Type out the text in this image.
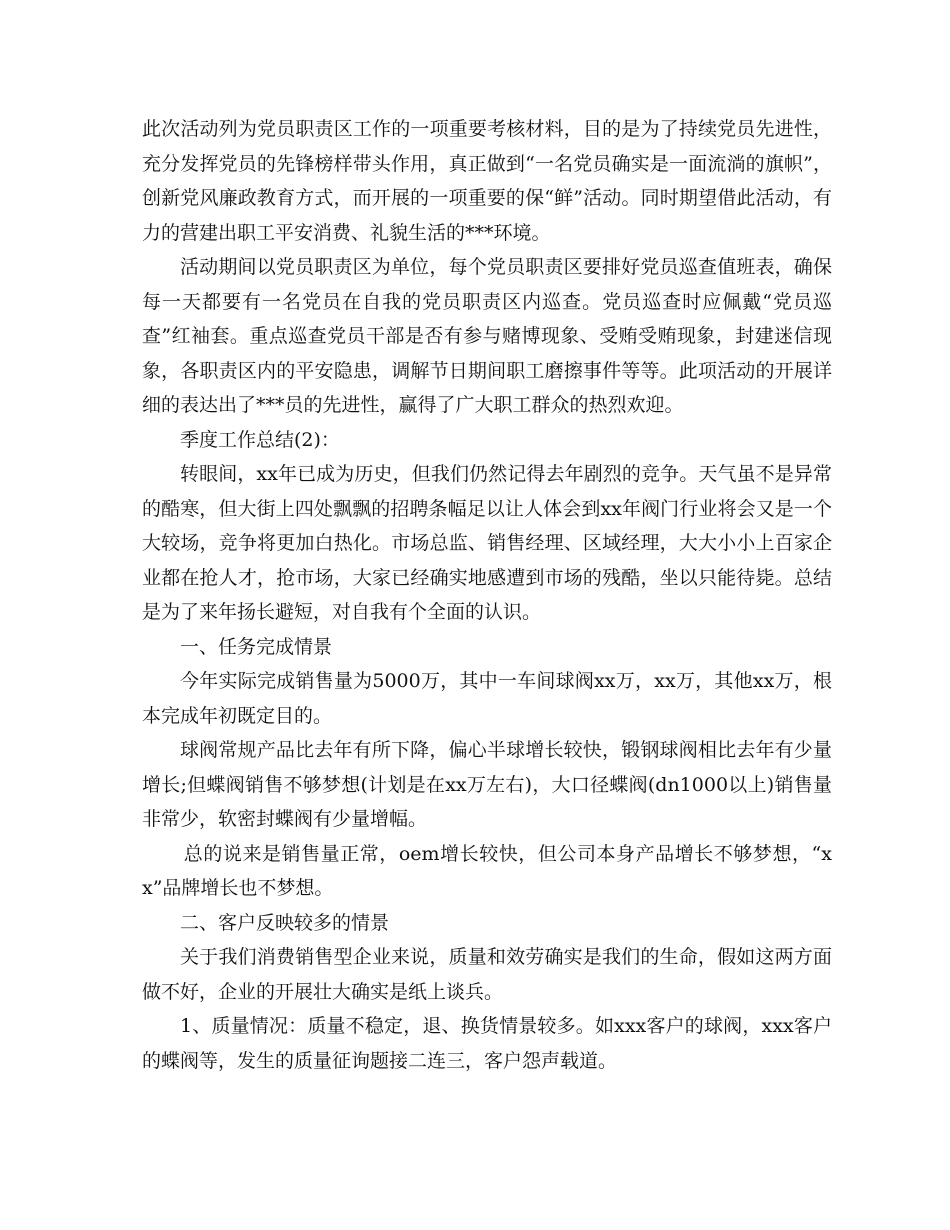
此次活动列为党员职责区工作的一项重要考核材料，目的是为了持续党员先进性，充分发挥党员的先锋榜样带头作用，真正做到“一名党员确实是一面流淌的旗帜”，创新党风廉政教育方式，而开展的一项重要的保“鲜”活动。同时期望借此活动，有力的营建出职工平安消费、礼貌生活的***环境。

活动期间以党员职责区为单位，每个党员职责区要排好党员巡查值班表，确保每一天都要有一名党员在自我的党员职责区内巡查。党员巡查时应佩戴“党员巡查”红袖套。重点巡查党员干部是否有参与赌博现象、受贿受贿现象，封建迷信现象，各职责区内的平安隐患，调解节日期间职工磨擦事件等等。此项活动的开展详细的表达出了***员的先进性，赢得了广大职工群众的热烈欢迎。

季度工作总结(2)：

转眼间，xx年已成为历史，但我们仍然记得去年剧烈的竞争。天气虽不是异常的酷寒，但大街上四处飘飘的招聘条幅足以让人体会到xx年阀门行业将会又是一个大较场，竞争将更加白热化。市场总监、销售经理、区域经理，大大小小上百家企业都在抢人才，抢市场，大家已经确实地感遭到市场的残酷，坐以只能待毙。总结是为了来年扬长避短，对自我有个全面的认识。

一、任务完成情景

今年实际完成销售量为5000万，其中一车间球阀xx万，xx万，其他xx万，根本完成年初既定目的。

球阀常规产品比去年有所下降，偏心半球增长较快，锻钢球阀相比去年有少量增长;但蝶阀销售不够梦想(计划是在xx万左右)，大口径蝶阀(dn1000以上)销售量非常少，软密封蝶阀有少量增幅。

总的说来是销售量正常，oem增长较快，但公司本身产品增长不够梦想，“xx”品牌增长也不梦想。

二、客户反映较多的情景

关于我们消费销售型企业来说，质量和效劳确实是我们的生命，假如这两方面做不好，企业的开展壮大确实是纸上谈兵。

1、质量情况：质量不稳定，退、换货情景较多。如xxx客户的球阀，xxx客户的蝶阀等，发生的质量征询题接二连三，客户怨声载道。
